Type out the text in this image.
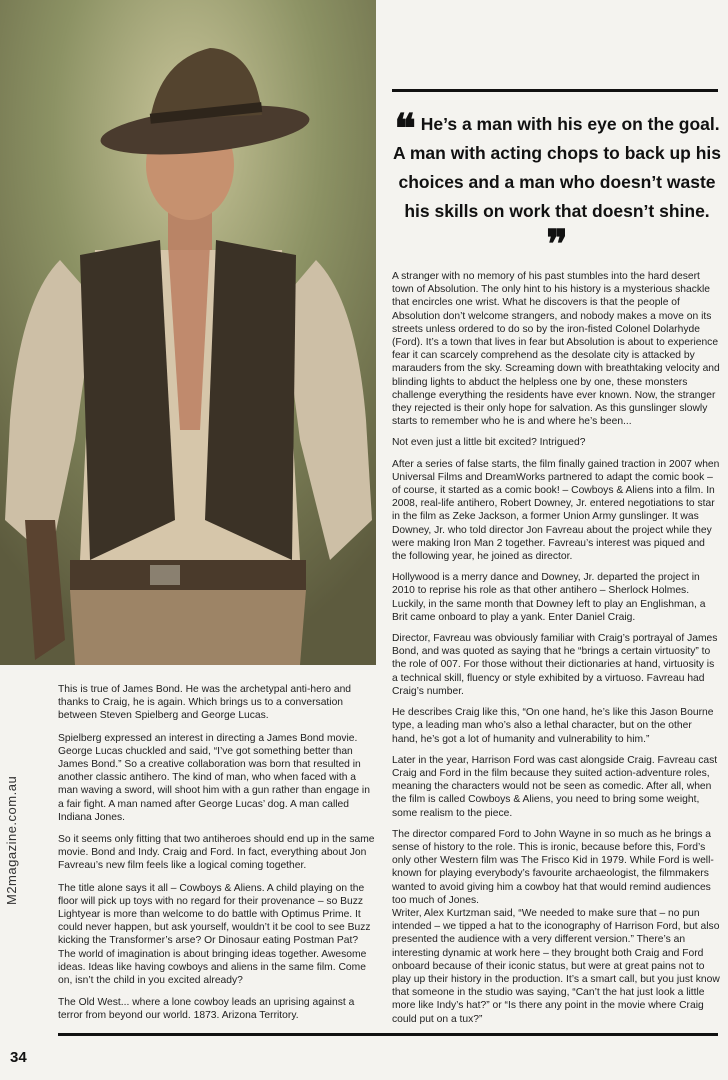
❝ He’s a man with his eye on the goal. A man with acting chops to back up his choices and a man who doesn’t waste his skills on work that doesn’t shine. ❞

A stranger with no memory of his past stumbles into the hard desert town of Absolution. The only hint to his history is a mysterious shackle that encircles one wrist. What he discovers is that the people of Absolution don’t welcome strangers, and nobody makes a move on its streets unless ordered to do so by the iron-fisted Colonel Dolarhyde (Ford). It’s a town that lives in fear but Absolution is about to experience fear it can scarcely comprehend as the desolate city is attacked by marauders from the sky. Screaming down with breathtaking velocity and blinding lights to abduct the helpless one by one, these monsters challenge everything the residents have ever known. Now, the stranger they rejected is their only hope for salvation. As this gunslinger slowly starts to remember who he is and where he’s been...

Not even just a little bit excited? Intrigued?

After a series of false starts, the film finally gained traction in 2007 when Universal Films and DreamWorks partnered to adapt the comic book – of course, it started as a comic book! – Cowboys & Aliens into a film. In 2008, real-life antihero, Robert Downey, Jr. entered negotiations to star in the film as Zeke Jackson, a former Union Army gunslinger. It was Downey, Jr. who told director Jon Favreau about the project while they were making Iron Man 2 together. Favreau’s interest was piqued and the following year, he joined as director.

Hollywood is a merry dance and Downey, Jr. departed the project in 2010 to reprise his role as that other antihero – Sherlock Holmes. Luckily, in the same month that Downey left to play an Englishman, a Brit came onboard to play a yank. Enter Daniel Craig.

Director, Favreau was obviously familiar with Craig’s portrayal of James Bond, and was quoted as saying that he “brings a certain virtuosity” to the role of 007. For those without their dictionaries at hand, virtuosity is a technical skill, fluency or style exhibited by a virtuoso. Favreau had Craig’s number.

He describes Craig like this, “On one hand, he’s like this Jason Bourne type, a leading man who’s also a lethal character, but on the other hand, he’s got a lot of humanity and vulnerability to him.”

Later in the year, Harrison Ford was cast alongside Craig. Favreau cast Craig and Ford in the film because they suited action-adventure roles, meaning the characters would not be seen as comedic. After all, when the film is called Cowboys & Aliens, you need to bring some weight, some realism to the piece.

The director compared Ford to John Wayne in so much as he brings a sense of history to the role. This is ironic, because before this, Ford’s only other Western film was The Frisco Kid in 1979. While Ford is well-known for playing everybody’s favourite archaeologist, the filmmakers wanted to avoid giving him a cowboy hat that would remind audiences too much of Jones.

Writer, Alex Kurtzman said, “We needed to make sure that – no pun intended – we tipped a hat to the iconography of Harrison Ford, but also presented the audience with a very different version.” There’s an interesting dynamic at work here – they brought both Craig and Ford onboard because of their iconic status, but were at great pains not to play up their history in the production. It’s a smart call, but you just know that someone in the studio was saying, “Can’t the hat just look a little more like Indy’s hat?” or “Is there any point in the movie where Craig could put on a tux?”

This is true of James Bond. He was the archetypal anti-hero and thanks to Craig, he is again. Which brings us to a conversation between Steven Spielberg and George Lucas.

Spielberg expressed an interest in directing a James Bond movie. George Lucas chuckled and said, “I’ve got something better than James Bond.” So a creative collaboration was born that resulted in another classic antihero. The kind of man, who when faced with a man waving a sword, will shoot him with a gun rather than engage in a fair fight. A man named after George Lucas’ dog. A man called Indiana Jones.

So it seems only fitting that two antiheroes should end up in the same movie. Bond and Indy. Craig and Ford. In fact, everything about Jon Favreau’s new film feels like a logical coming together.

The title alone says it all – Cowboys & Aliens. A child playing on the floor will pick up toys with no regard for their provenance – so Buzz Lightyear is more than welcome to do battle with Optimus Prime. It could never happen, but ask yourself, wouldn’t it be cool to see Buzz kicking the Transformer’s arse? Or Dinosaur eating Postman Pat? The world of imagination is about bringing ideas together. Awesome ideas. Ideas like having cowboys and aliens in the same film. Come on, isn’t the child in you excited already?

The Old West... where a lone cowboy leads an uprising against a terror from beyond our world. 1873. Arizona Territory.

M2magazine.com.au
34
